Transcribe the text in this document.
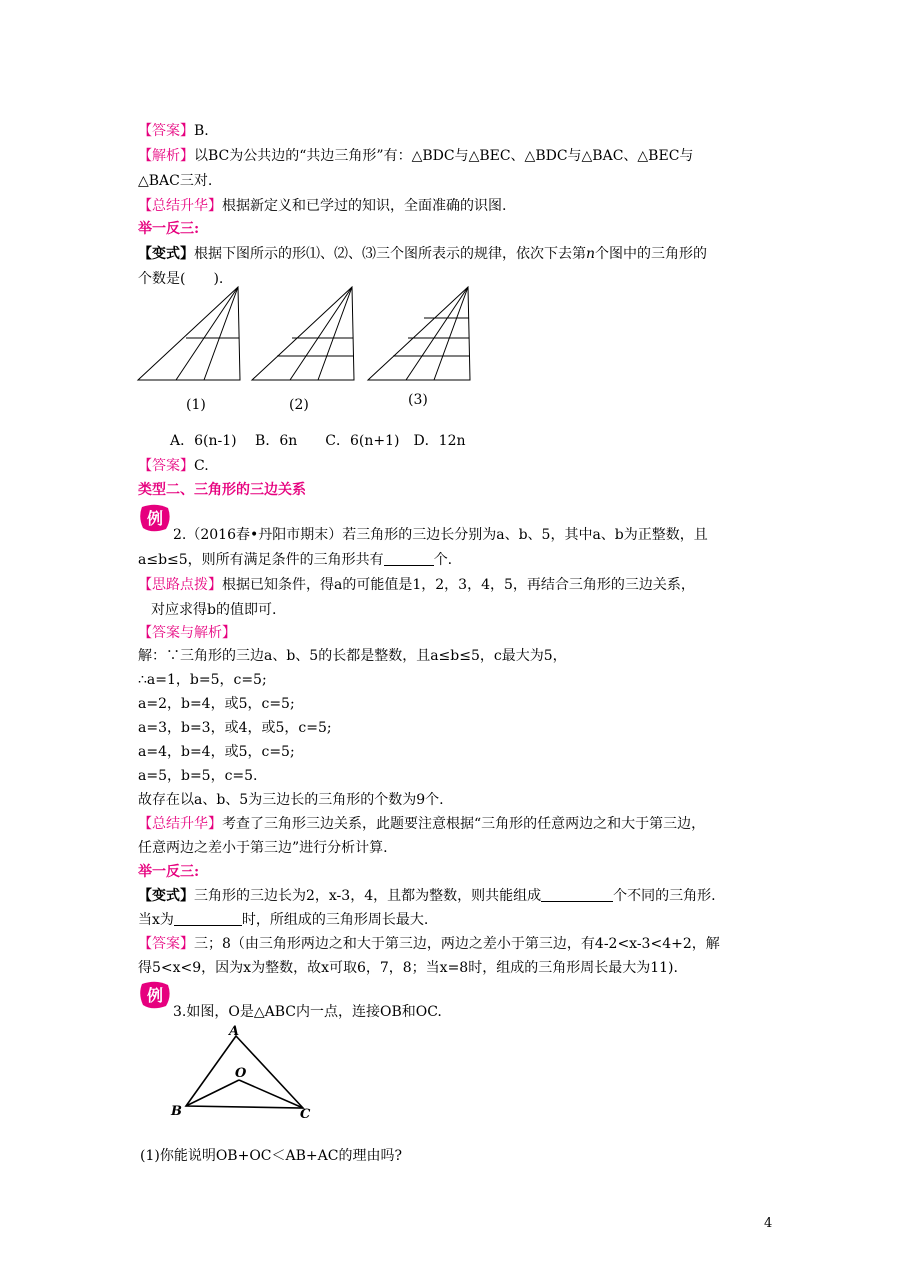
【答案】B.
【解析】以BC为公共边的“共边三角形”有：△BDC与△BEC、△BDC与△BAC、△BEC与
△BAC三对.
【总结升华】根据新定义和已学过的知识，全面准确的识图.
举一反三:
【变式】根据下图所示的形⑴、⑵、⑶三个图所表示的规律，依次下去第n个图中的三角形的
个数是(　　).
(1)	(2)	(3)
A．6(n-1)　 B．6n　　C．6(n+1)　D．12n
【答案】C.
类型二、三角形的三边关系
例
2.（2016春•丹阳市期末）若三角形的三边长分别为a、b、5，其中a、b为正整数，且
a≤b≤5，则所有满足条件的三角形共有	个.
【思路点拨】根据已知条件，得a的可能值是1，2，3，4，5，再结合三角形的三边关系，
对应求得b的值即可.
【答案与解析】
解：∵三角形的三边a、b、5的长都是整数，且a≤b≤5，c最大为5，
∴a=1，b=5，c=5;
a=2，b=4，或5，c=5;
a=3，b=3，或4，或5，c=5;
a=4，b=4，或5，c=5;
a=5，b=5，c=5.
故存在以a、b、5为三边长的三角形的个数为9个.
【总结升华】考查了三角形三边关系，此题要注意根据“三角形的任意两边之和大于第三边，
任意两边之差小于第三边”进行分析计算.
举一反三:
【变式】三角形的三边长为2，x-3，4，且都为整数，则共能组成	个不同的三角形.
当x为	时，所组成的三角形周长最大.
【答案】三；8（由三角形两边之和大于第三边，两边之差小于第三边，有4-2<x-3<4+2，解
得5<x<9，因为x为整数，故x可取6，7，8；当x=8时，组成的三角形周长最大为11).
例
3.如图，O是△ABC内一点，连接OB和OC.
A
O
B	C
(1)你能说明OB+OC＜AB+AC的理由吗?
4
